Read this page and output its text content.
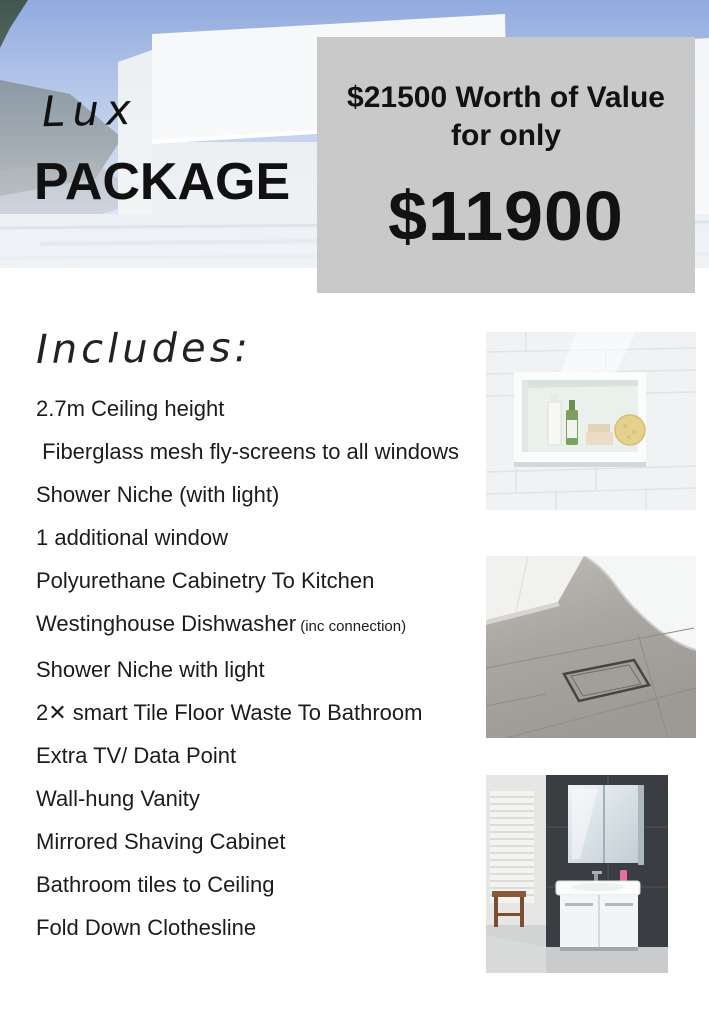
Lux
PACKAGE
$21500 Worth of Value
for only
$11900
Includes:
2.7m Ceiling height
Fiberglass mesh fly-screens to all windows
Shower Niche (with light)
1 additional window
Polyurethane Cabinetry To Kitchen
Westinghouse Dishwasher (inc connection)
Shower Niche with light
2✕ smart Tile Floor Waste To Bathroom
Extra TV/ Data Point
Wall-hung Vanity
Mirrored Shaving Cabinet
Bathroom tiles to Ceiling
Fold Down Clothesline
